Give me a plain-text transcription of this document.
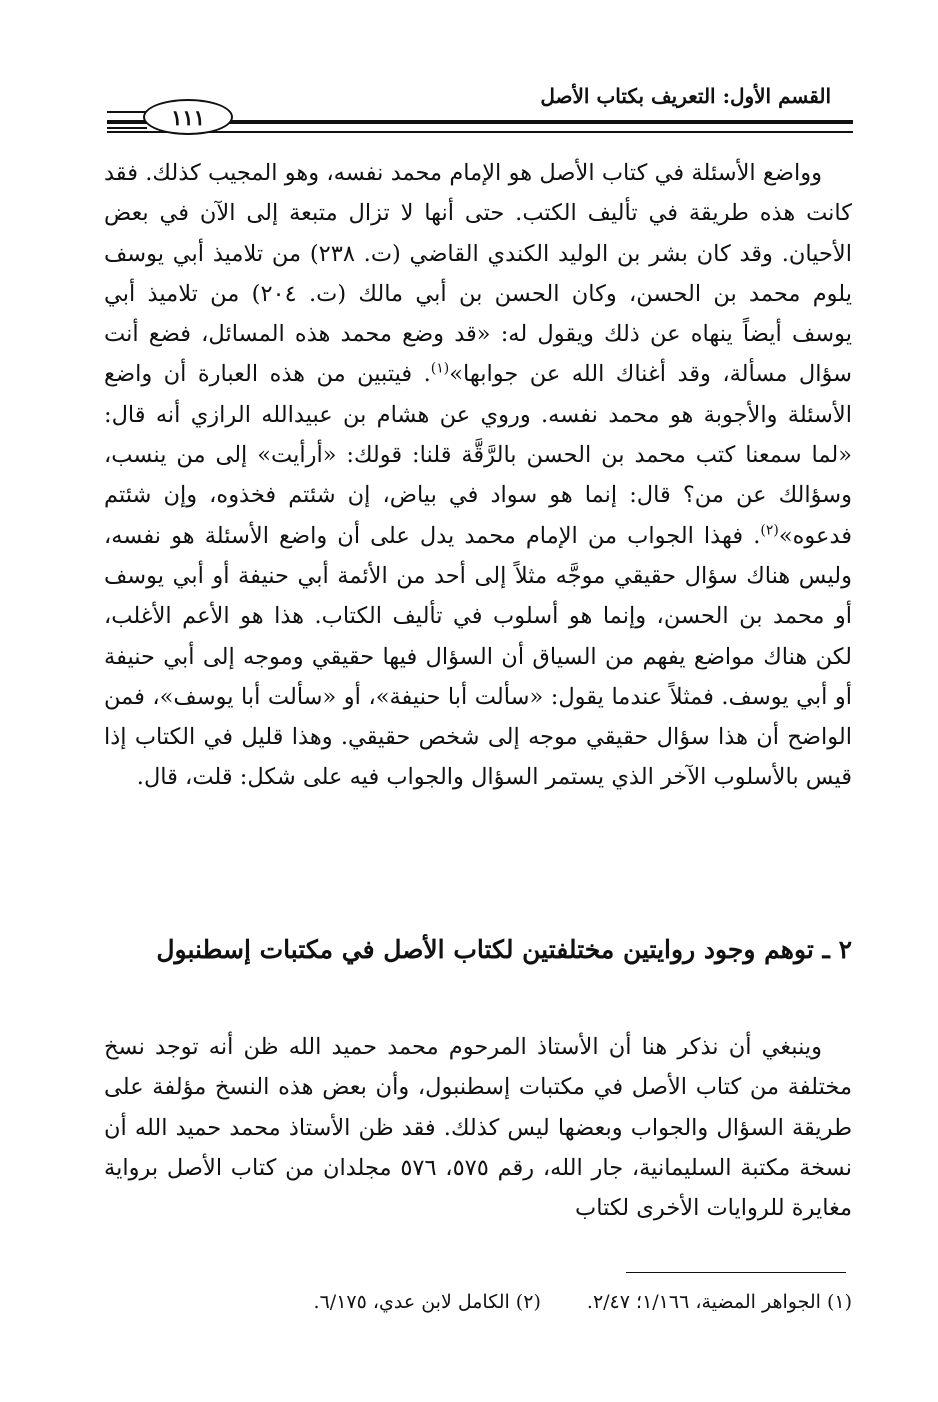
القسم الأول: التعريف بكتاب الأصل
١١١

وواضع الأسئلة في كتاب الأصل هو الإمام محمد نفسه، وهو المجيب كذلك. فقد كانت هذه طريقة في تأليف الكتب. حتى أنها لا تزال متبعة إلى الآن في بعض الأحيان. وقد كان بشر بن الوليد الكندي القاضي (ت. ٢٣٨) من تلاميذ أبي يوسف يلوم محمد بن الحسن، وكان الحسن بن أبي مالك (ت. ٢٠٤) من تلاميذ أبي يوسف أيضاً ينهاه عن ذلك ويقول له: «قد وضع محمد هذه المسائل، فضع أنت سؤال مسألة، وقد أغناك الله عن جوابها»$^{(١)}$. فيتبين من هذه العبارة أن واضع الأسئلة والأجوبة هو محمد نفسه. وروي عن هشام بن عبيدالله الرازي أنه قال: «لما سمعنا كتب محمد بن الحسن بالرَّقَّة قلنا: قولك: «أرأيت» إلى من ينسب، وسؤالك عن من؟ قال: إنما هو سواد في بياض، إن شئتم فخذوه، وإن شئتم فدعوه»$^{(٢)}$. فهذا الجواب من الإمام محمد يدل على أن واضع الأسئلة هو نفسه، وليس هناك سؤال حقيقي موجَّه مثلاً إلى أحد من الأئمة أبي حنيفة أو أبي يوسف أو محمد بن الحسن، وإنما هو أسلوب في تأليف الكتاب. هذا هو الأعم الأغلب، لكن هناك مواضع يفهم من السياق أن السؤال فيها حقيقي وموجه إلى أبي حنيفة أو أبي يوسف. فمثلاً عندما يقول: «سألت أبا حنيفة»، أو «سألت أبا يوسف»، فمن الواضح أن هذا سؤال حقيقي موجه إلى شخص حقيقي. وهذا قليل في الكتاب إذا قيس بالأسلوب الآخر الذي يستمر السؤال والجواب فيه على شكل: قلت، قال.

٢ ـ توهم وجود روايتين مختلفتين لكتاب الأصل في مكتبات إسطنبول

وينبغي أن نذكر هنا أن الأستاذ المرحوم محمد حميد الله ظن أنه توجد نسخ مختلفة من كتاب الأصل في مكتبات إسطنبول، وأن بعض هذه النسخ مؤلفة على طريقة السؤال والجواب وبعضها ليس كذلك. فقد ظن الأستاذ محمد حميد الله أن نسخة مكتبة السليمانية، جار الله، رقم ٥٧٥، ٥٧٦ مجلدان من كتاب الأصل برواية مغايرة للروايات الأخرى لكتاب

(١) الجواهر المضية، ١/١٦٦؛ ٢/٤٧. (٢) الكامل لابن عدي، ٦/١٧٥.
